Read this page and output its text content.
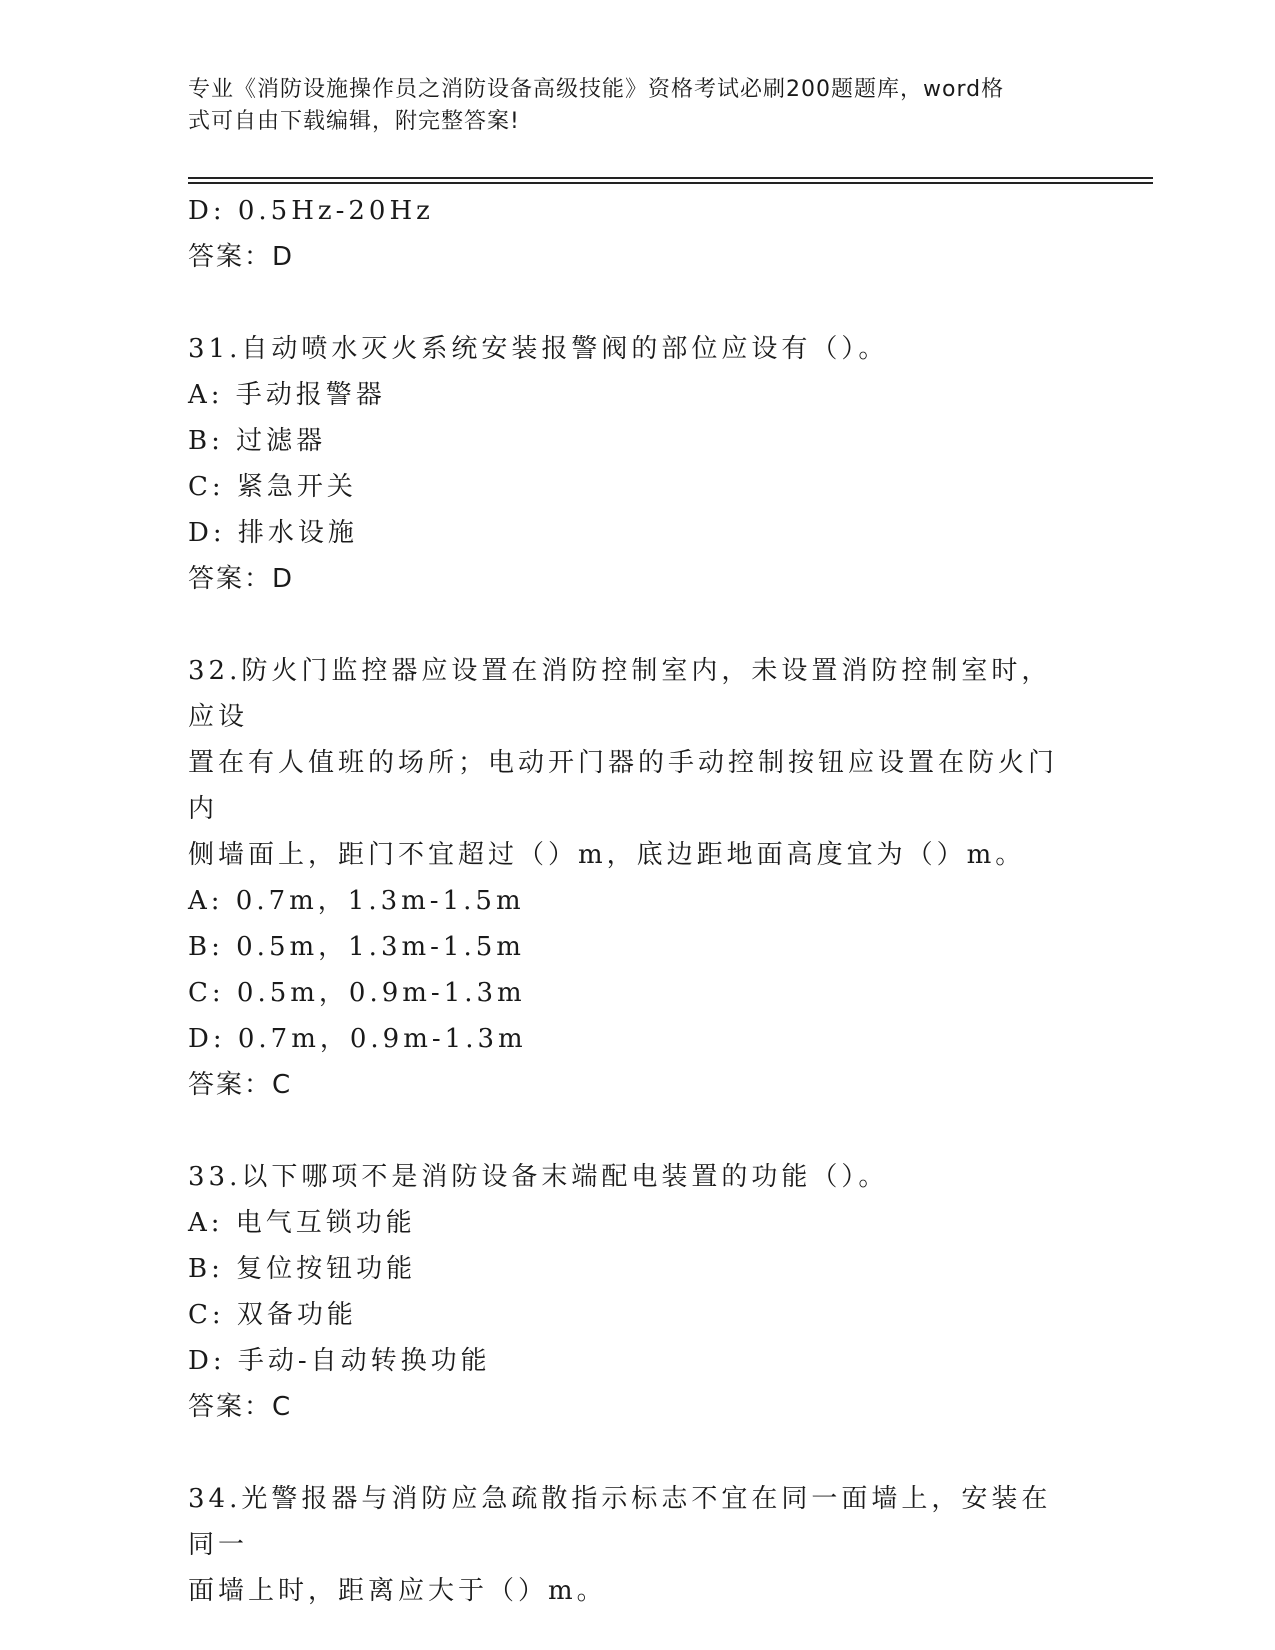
专业《消防设施操作员之消防设备高级技能》资格考试必刷200题题库，word格
式可自由下载编辑，附完整答案!
D: 0.5Hz-20Hz
答案：D
31.自动喷水灭火系统安装报警阀的部位应设有（）。
A: 手动报警器
B: 过滤器
C: 紧急开关
D: 排水设施
答案：D
32.防火门监控器应设置在消防控制室内，未设置消防控制室时，应设
置在有人值班的场所；电动开门器的手动控制按钮应设置在防火门内
侧墙面上，距门不宜超过（）m，底边距地面高度宜为（）m。
A: 0.7m，1.3m-1.5m
B: 0.5m，1.3m-1.5m
C: 0.5m，0.9m-1.3m
D: 0.7m，0.9m-1.3m
答案：C
33.以下哪项不是消防设备末端配电装置的功能（）。
A: 电气互锁功能
B: 复位按钮功能
C: 双备功能
D: 手动-自动转换功能
答案：C
34.光警报器与消防应急疏散指示标志不宜在同一面墙上，安装在同一
面墙上时，距离应大于（）m。
